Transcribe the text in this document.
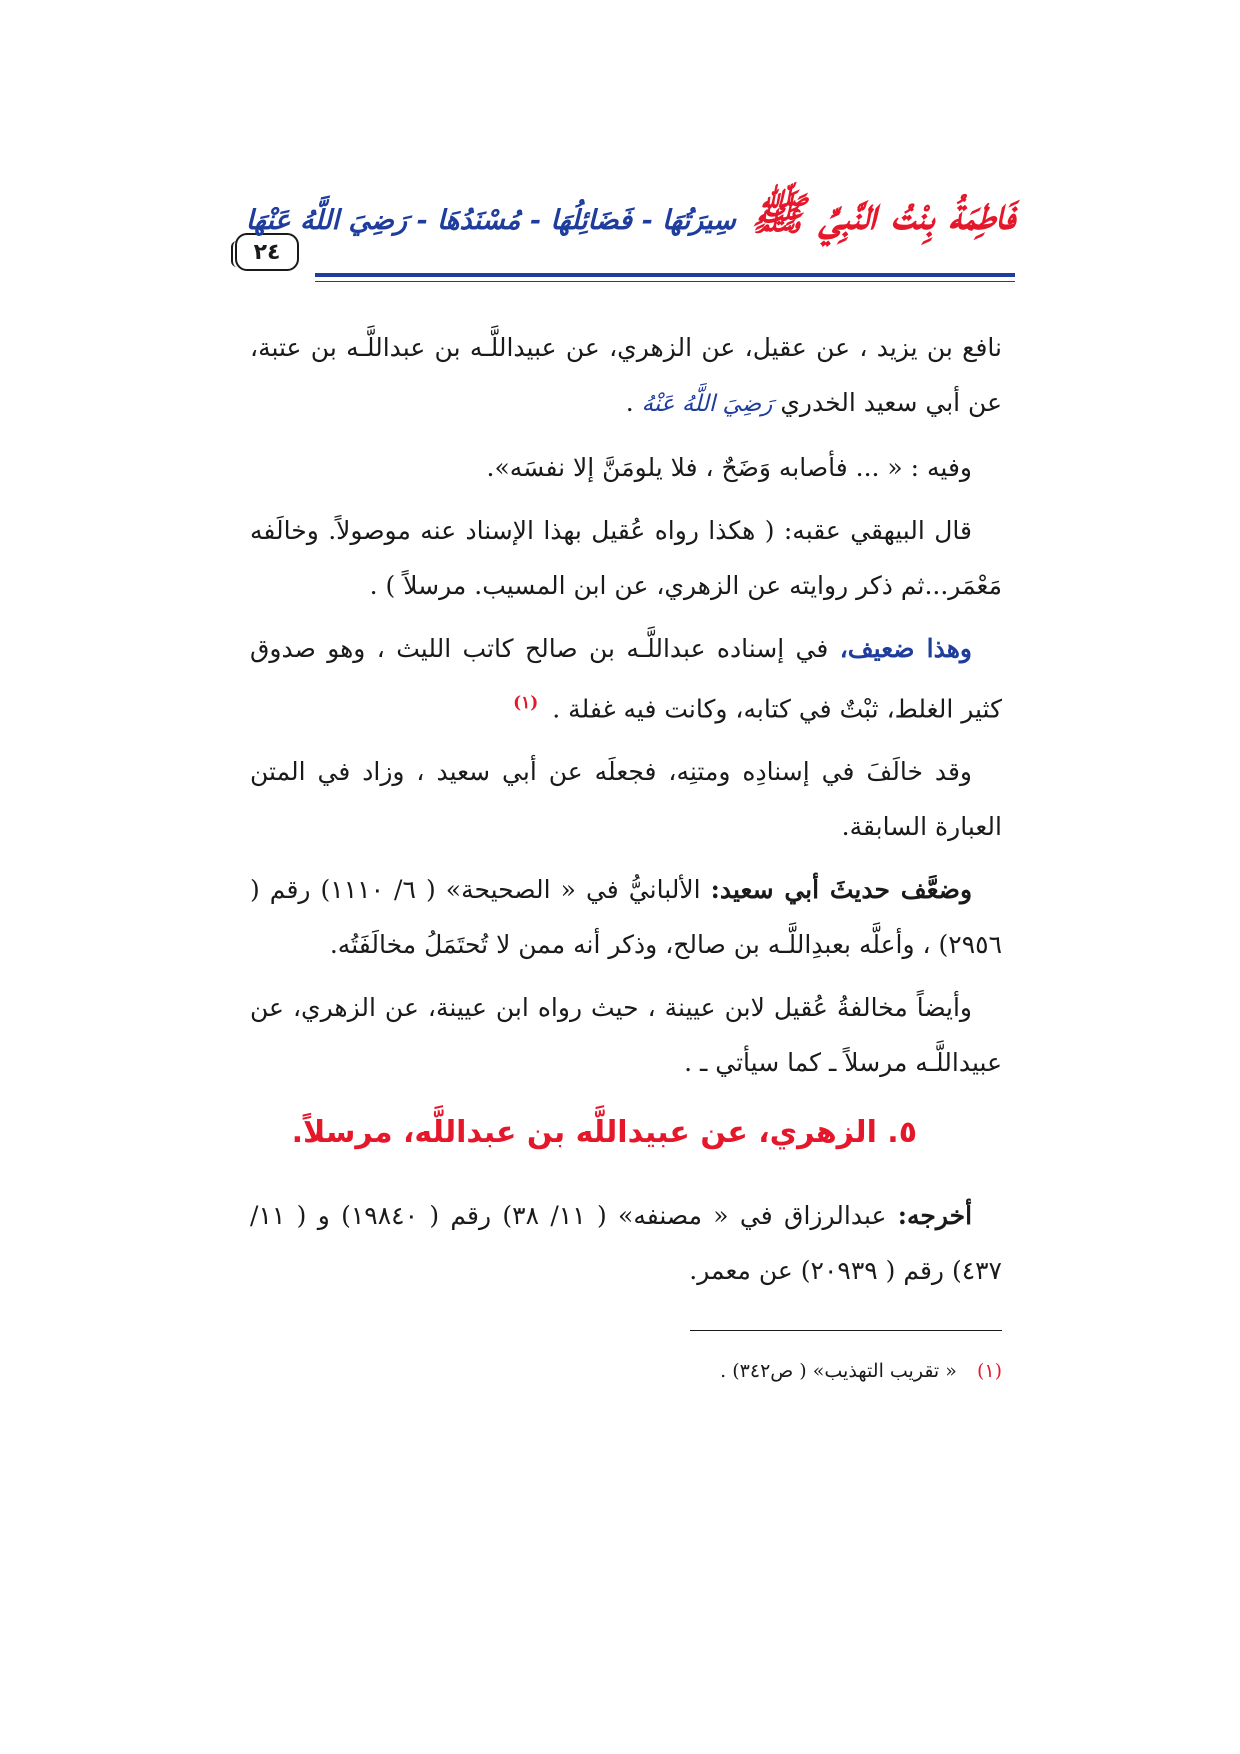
٢٤
فَاطِمَةُ بِنْتُ النَّبِيِّ ﷺ سِيرَتُهَا - فَضَائِلُهَا - مُسْنَدُهَا - رَضِيَ اللَّهُ عَنْهَا

نافع بن يزيد ، عن عقيل، عن الزهري، عن عبيداللَّـه بن عبداللَّـه بن عتبة، عن أبي سعيد الخدري رَضِيَ اللَّهُ عَنْهُ .

وفيه : « ... فأصابه وَضَحٌ ، فلا يلومَنَّ إلا نفسَه».

قال البيهقي عقبه: ( هكذا رواه عُقيل بهذا الإسناد عنه موصولاً. وخالَفه مَعْمَر...ثم ذكر روايته عن الزهري، عن ابن المسيب. مرسلاً ) .

وهذا ضعيف، في إسناده عبداللَّـه بن صالح كاتب الليث ، وهو صدوق كثير الغلط، ثبْتٌ في كتابه، وكانت فيه غفلة . $^{(١)}$

وقد خالَفَ في إسنادِه ومتنِه، فجعلَه عن أبي سعيد ، وزاد في المتن العبارة السابقة.

وضعَّف حديثَ أبي سعيد: الألبانيُّ في « الصحيحة» ( ٦/ ١١١٠) رقم ( ٢٩٥٦) ، وأعلَّه بعبدِاللَّـه بن صالح، وذكر أنه ممن لا تُحتَمَلُ مخالَفَتُه.

وأيضاً مخالفةُ عُقيل لابن عيينة ، حيث رواه ابن عيينة، عن الزهري، عن عبيداللَّـه مرسلاً ـ كما سيأتي ـ .

٥. الزهري، عن عبيداللَّه بن عبداللَّه، مرسلاً.

أخرجه: عبدالرزاق في « مصنفه» ( ١١/ ٣٨) رقم ( ١٩٨٤٠) و ( ١١/ ٤٣٧) رقم ( ٢٠٩٣٩) عن معمر.

(١) « تقريب التهذيب» ( ص٣٤٢) .
